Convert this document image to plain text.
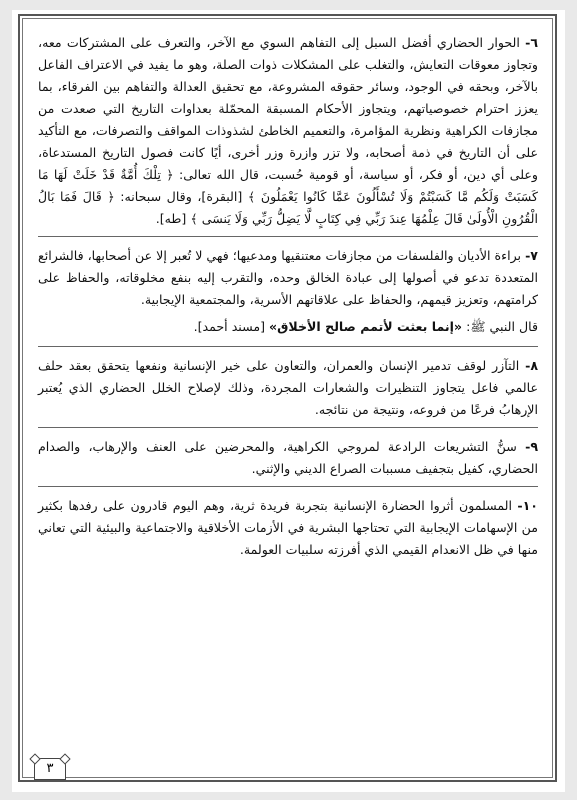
٦- الحوار الحضاري أفضل السبل إلى التفاهم السوي مع الآخر، والتعرف على المشتركات معه، وتجاوز معوقات التعايش، والتغلب على المشكلات ذوات الصلة، وهو ما يفيد في الاعتراف الفاعل بالآخر، وبحقه في الوجود، وسائر حقوقه المشروعة، مع تحقيق العدالة والتفاهم بين الفرقاء، بما يعزز احترام خصوصياتهم، ويتجاوز الأحكام المسبقة المحمّلة بعداوات التاريخ التي صعدت من مجازفات الكراهية ونظرية المؤامرة، والتعميم الخاطئ لشذوذات المواقف والتصرفات، مع التأكيد على أن التاريخ في ذمة أصحابه، ولا تزر وازرة وزر أخرى، أيًا كانت فصول التاريخ المستدعاة، وعلى أي دين، أو فكر، أو سياسة، أو قومية حُسبت، قال الله تعالى: ﴿ تِلْكَ أُمَّةٌ قَدْ خَلَتْ لَهَا مَا كَسَبَتْ وَلَكُم مَّا كَسَبْتُمْ وَلَا تُسْأَلُونَ عَمَّا كَانُوا يَعْمَلُونَ ﴾ [البقرة]، وقال سبحانه: ﴿ قَالَ فَمَا بَالُ الْقُرُونِ الْأُولَىٰ قَالَ عِلْمُهَا عِندَ رَبِّي فِي كِتَابٍ لَّا يَضِلُّ رَبِّي وَلَا يَنسَى ﴾ [طه].

٧- براءة الأديان والفلسفات من مجازفات معتنقيها ومدعيها؛ فهي لا تُعبر إلا عن أصحابها، فالشرائع المتعددة تدعو في أصولها إلى عبادة الخالق وحده، والتقرب إليه بنفع مخلوقاته، والحفاظ على كرامتهم، وتعزيز قيمهم، والحفاظ على علاقاتهم الأسرية، والمجتمعية الإيجابية.

قال النبي ﷺ: «إنما بعثت لأتمم صالح الأخلاق» [مسند أحمد].

٨- التآزر لوقف تدمير الإنسان والعمران، والتعاون على خير الإنسانية ونفعها يتحقق بعقد حلف عالمي فاعل يتجاوز التنظيرات والشعارات المجردة، وذلك لإصلاح الخلل الحضاري الذي يُعتبر الإرهابُ فرعًا من فروعه، ونتيجة من نتائجه.

٩- سنُّ التشريعات الرادعة لمروجي الكراهية، والمحرضين على العنف والإرهاب، والصدام الحضاري، كفيل بتجفيف مسببات الصراع الديني والإثني.

١٠- المسلمون أثروا الحضارة الإنسانية بتجربة فريدة ثرية، وهم اليوم قادرون على رفدها بكثير من الإسهامات الإيجابية التي تحتاجها البشرية في الأزمات الأخلاقية والاجتماعية والبيئية التي تعاني منها في ظل الانعدام القيمي الذي أفرزته سلبيات العولمة.

٣
